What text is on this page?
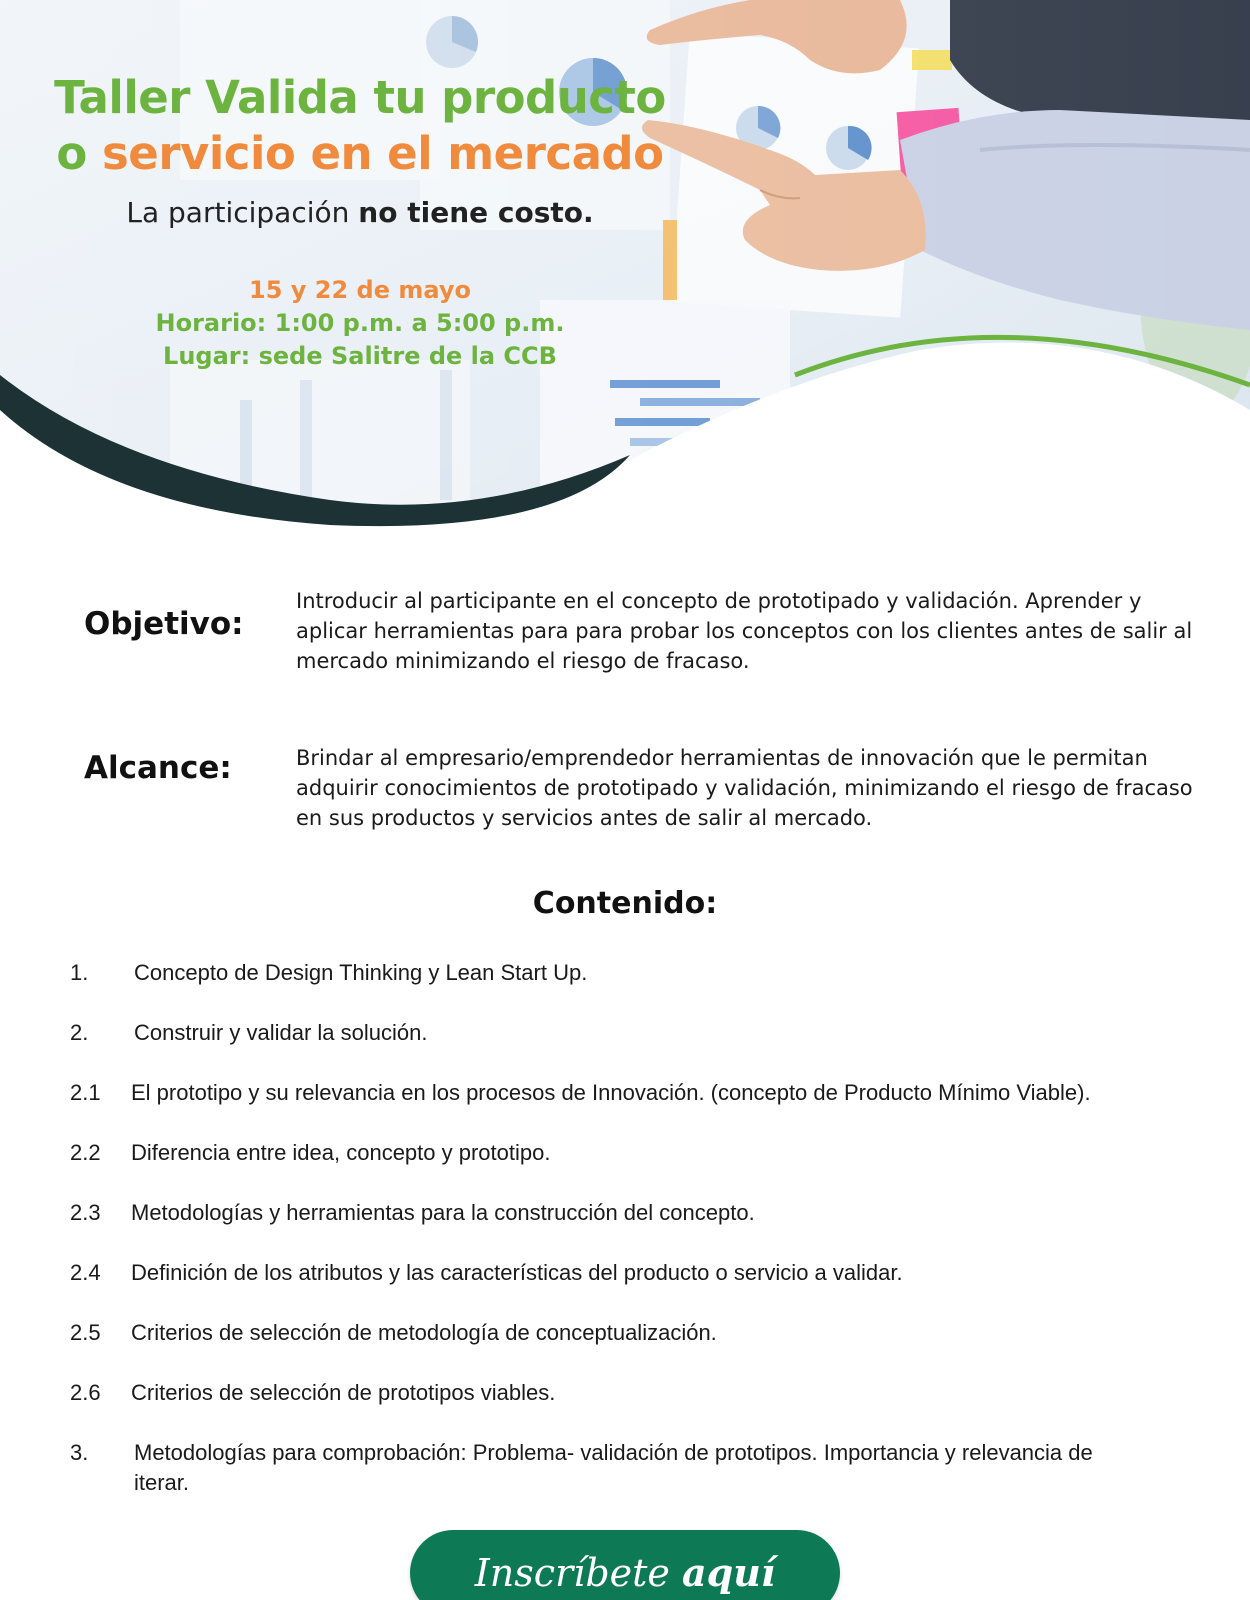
Taller Valida tu producto
o servicio en el mercado
La participación no tiene costo.
15 y 22 de mayo
Horario: 1:00 p.m. a 5:00 p.m.
Lugar: sede Salitre de la CCB
Objetivo:

Introducir al participante en el concepto de prototipado y validación. Aprender y aplicar herramientas para para probar los conceptos con los clientes antes de salir al mercado minimizando el riesgo de fracaso.

Alcance:	Brindar al empresario/emprendedor herramientas de innovación que le permitan adquirir conocimientos de prototipado y validación, minimizando el riesgo de fracaso en sus productos y servicios antes de salir al mercado.

Contenido:
1. Concepto de Design Thinking y Lean Start Up.
2. Construir y validar la solución.
2.1 El prototipo y su relevancia en los procesos de Innovación. (concepto de Producto Mínimo Viable).
2.2 Diferencia entre idea, concepto y prototipo.
2.3 Metodologías y herramientas para la construcción del concepto.
2.4 Definición de los atributos y las características del producto o servicio a validar.
2.5 Criterios de selección de metodología de conceptualización.
2.6 Criterios de selección de prototipos viables.
3. Metodologías para comprobación: Problema- validación de prototipos. Importancia y relevancia de iterar.
Inscríbete aquí
